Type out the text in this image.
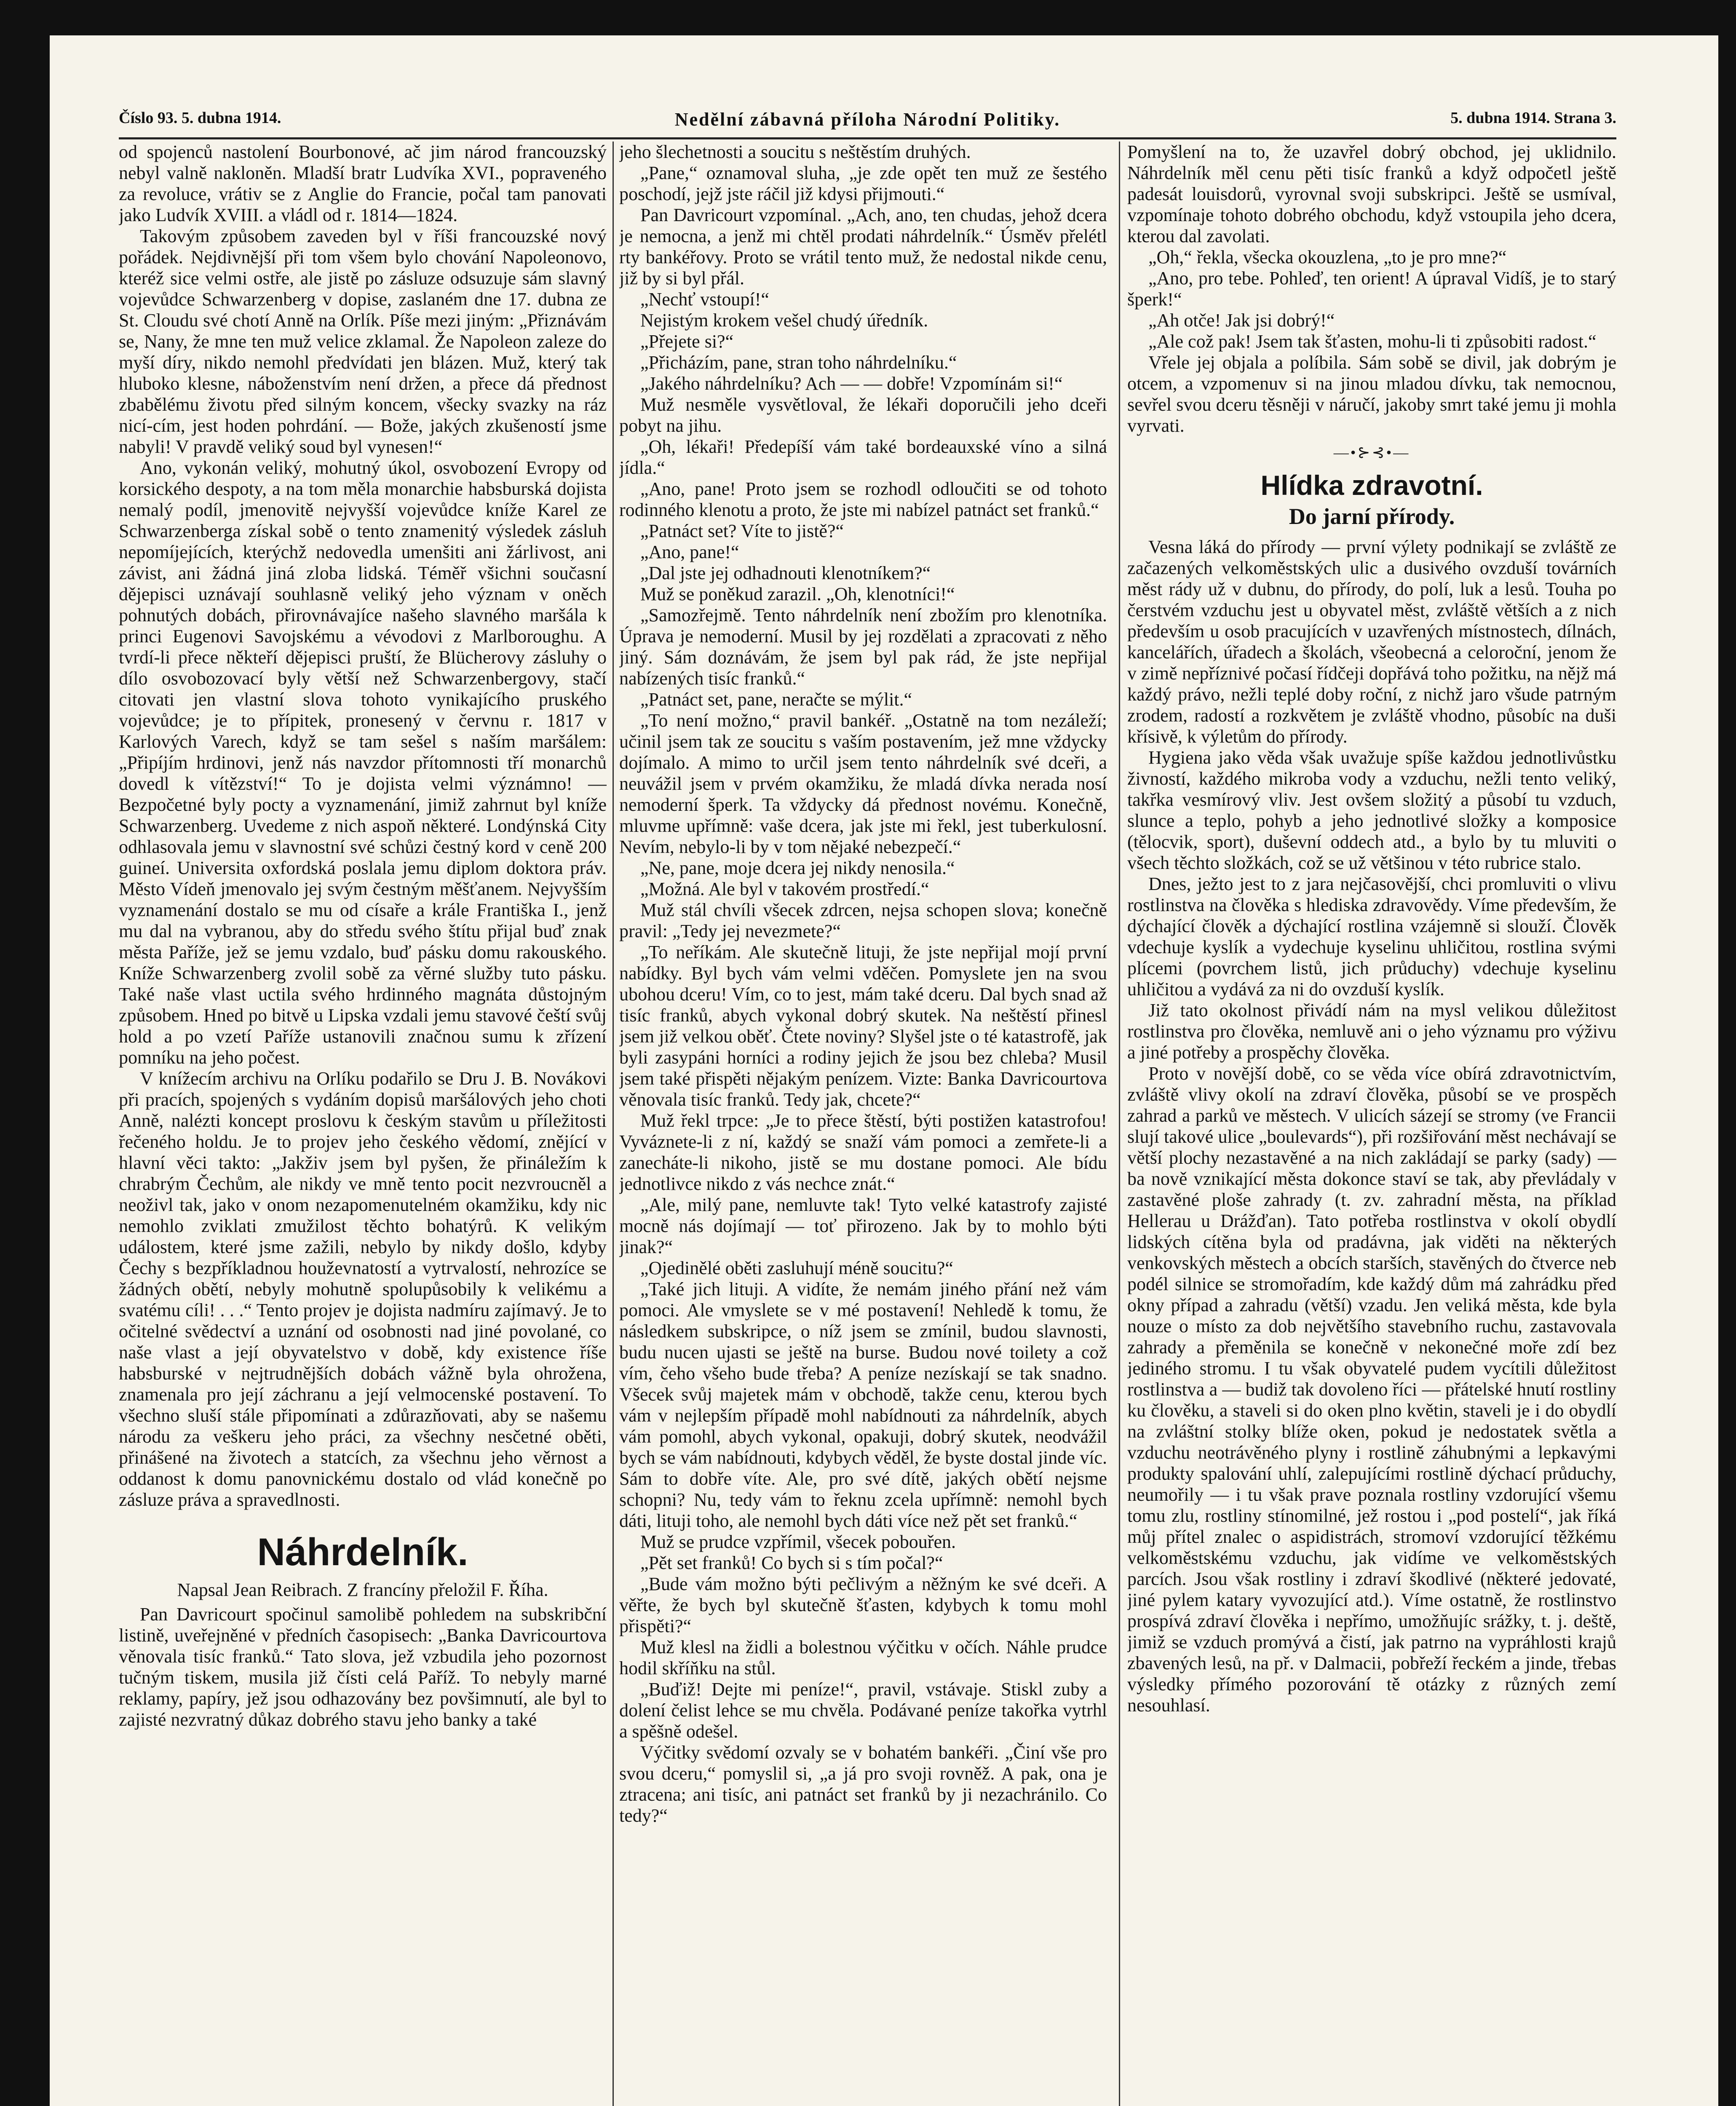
Číslo 93. 5. dubna 1914.	Nedělní zábavná příloha Národní Politiky.	5. dubna 1914. Strana 3.

od spojenců nastolení Bourbonové, ač jim národ francouzský nebyl valně nakloněn. Mladší bratr Ludvíka XVI., popraveného za revoluce, vrátiv se z Anglie do Francie, počal tam panovati jako Ludvík XVIII. a vládl od r. 1814—1824.

Takovým způsobem zaveden byl v říši francouzské nový pořádek. Nejdivnější při tom všem bylo chování Napoleonovo, kteréž sice velmi ostře, ale jistě po zásluze odsuzuje sám slavný vojevůdce Schwarzenberg v dopise, zaslaném dne 17. dubna ze St. Cloudu své chotí Anně na Orlík. Píše mezi jiným: „Přiznávám se, Nany, že mne ten muž velice zklamal. Že Napoleon zaleze do myší díry, nikdo nemohl předvídati jen blázen. Muž, který tak hluboko klesne, náboženstvím není držen, a přece dá přednost zbabělému životu před silným koncem, všecky svazky na ráz nicí-cím, jest hoden pohrdání. — Bože, jakých zkušeností jsme nabyli! V pravdě veliký soud byl vynesen!“

Ano, vykonán veliký, mohutný úkol, osvobození Evropy od korsického despoty, a na tom měla monarchie habsburská dojista nemalý podíl, jmenovitě nejvyšší vojevůdce kníže Karel ze Schwarzenberga získal sobě o tento znamenitý výsledek zásluh nepomíjejících, kterýchž nedovedla umenšiti ani žárlivost, ani závist, ani žádná jiná zloba lidská. Téměř všichni současní dějepisci uznávají souhlasně veliký jeho význam v oněch pohnutých dobách, přirovnávajíce našeho slavného maršála k princi Eugenovi Savojskému a vévodovi z Marlboroughu. A tvrdí-li přece někteří dějepisci pruští, že Blücherovy zásluhy o dílo osvobozovací byly větší než Schwarzenbergovy, stačí citovati jen vlastní slova tohoto vynikajícího pruského vojevůdce; je to přípitek, pronesený v červnu r. 1817 v Karlových Varech, když se tam sešel s naším maršálem: „Připíjím hrdinovi, jenž nás navzdor přítomnosti tří monarchů dovedl k vítězství!“ To je dojista velmi význámno! — Bezpočetné byly pocty a vyznamenání, jimiž zahrnut byl kníže Schwarzenberg. Uvedeme z nich aspoň některé. Londýnská City odhlasovala jemu v slavnostní své schůzi čestný kord v ceně 200 guineí. Universita oxfordská poslala jemu diplom doktora práv. Město Vídeň jmenovalo jej svým čestným měšťanem. Nejvyšším vyznamenání dostalo se mu od císaře a krále Františka I., jenž mu dal na vybranou, aby do středu svého štítu přijal buď znak města Paříže, jež se jemu vzdalo, buď pásku domu rakouského. Kníže Schwarzenberg zvolil sobě za věrné služby tuto pásku. Také naše vlast uctila svého hrdinného magnáta důstojným způsobem. Hned po bitvě u Lipska vzdali jemu stavové čeští svůj hold a po vzetí Paříže ustanovili značnou sumu k zřízení pomníku na jeho počest.

V knížecím archivu na Orlíku podařilo se Dru J. B. Novákovi při pracích, spojených s vydáním dopisů maršálových jeho choti Anně, nalézti koncept proslovu k českým stavům u příležitosti řečeného holdu. Je to projev jeho českého vědomí, znějící v hlavní věci takto: „Jakživ jsem byl pyšen, že přináležím k chrabrým Čechům, ale nikdy ve mně tento pocit nezvroucněl a neoživl tak, jako v onom nezapomenutelném okamžiku, kdy nic nemohlo zviklati zmužilost těchto bohatýrů. K velikým událostem, které jsme zažili, nebylo by nikdy došlo, kdyby Čechy s bezpříkladnou houževnatostí a vytrvalostí, nehrozíce se žádných obětí, nebyly mohutně spolupůsobily k velikému a svatému cíli! . . .“ Tento projev je dojista nadmíru zajímavý. Je to očitelné svědectví a uznání od osobnosti nad jiné povolané, co naše vlast a její obyvatelstvo v době, kdy existence říše habsburské v nejtrudnějších dobách vážně byla ohrožena, znamenala pro její záchranu a její velmocenské postavení. To všechno sluší stále připomínati a zdůrazňovati, aby se našemu národu za veškeru jeho práci, za všechny nesčetné oběti, přinášené na životech a statcích, za všechnu jeho věrnost a oddanost k domu panovnickému dostalo od vlád konečně po zásluze práva a spravedlnosti.

Náhrdelník.
Napsal Jean Reibrach. Z francíny přeložil F. Říha.

Pan Davricourt spočinul samolibě pohledem na subskribční listině, uveřejněné v předních časopisech: „Banka Davricourtova věnovala tisíc franků.“ Tato slova, jež vzbudila jeho pozornost tučným tiskem, musila již čísti celá Paříž. To nebyly marné reklamy, papíry, jež jsou odhazovány bez povšimnutí, ale byl to zajisté nezvratný důkaz dobrého stavu jeho banky a také

jeho šlechetnosti a soucitu s neštěstím druhých.

„Pane,“ oznamoval sluha, „je zde opět ten muž ze šestého poschodí, jejž jste ráčil již kdysi přijmouti.“

Pan Davricourt vzpomínal. „Ach, ano, ten chudas, jehož dcera je nemocna, a jenž mi chtěl prodati náhrdelník.“ Úsměv přelétl rty bankéřovy. Proto se vrátil tento muž, že nedostal nikde cenu, již by si byl přál.

„Nechť vstoupí!“

Nejistým krokem vešel chudý úředník.

„Přejete si?“

„Přicházím, pane, stran toho náhrdelníku.“

„Jakého náhrdelníku? Ach — — dobře! Vzpomínám si!“

Muž nesměle vysvětloval, že lékaři doporučili jeho dceři pobyt na jihu.

„Oh, lékaři! Předepíší vám také bordeauxské víno a silná jídla.“

„Ano, pane! Proto jsem se rozhodl odloučiti se od tohoto rodinného klenotu a proto, že jste mi nabízel patnáct set franků.“

„Patnáct set? Víte to jistě?“

„Ano, pane!“

„Dal jste jej odhadnouti klenotníkem?“

Muž se poněkud zarazil. „Oh, klenotníci!“

„Samozřejmě. Tento náhrdelník není zbožím pro klenotníka. Úprava je nemoderní. Musil by jej rozdělati a zpracovati z něho jiný. Sám doznávám, že jsem byl pak rád, že jste nepřijal nabízených tisíc franků.“

„Patnáct set, pane, neračte se mýlit.“

„To není možno,“ pravil bankéř. „Ostatně na tom nezáleží; učinil jsem tak ze soucitu s vaším postavením, jež mne vždycky dojímalo. A mimo to určil jsem tento náhrdelník své dceři, a neuvážil jsem v prvém okamžiku, že mladá dívka nerada nosí nemoderní šperk. Ta vždycky dá přednost novému. Konečně, mluvme upřímně: vaše dcera, jak jste mi řekl, jest tuberkulosní. Nevím, nebylo-li by v tom nějaké nebezpečí.“

„Ne, pane, moje dcera jej nikdy nenosila.“

„Možná. Ale byl v takovém prostředí.“

Muž stál chvíli všecek zdrcen, nejsa schopen slova; konečně pravil: „Tedy jej nevezmete?“

„To neříkám. Ale skutečně lituji, že jste nepřijal mojí první nabídky. Byl bych vám velmi vděčen. Pomyslete jen na svou ubohou dceru! Vím, co to jest, mám také dceru. Dal bych snad až tisíc franků, abych vykonal dobrý skutek. Na neštěstí přinesl jsem již velkou oběť. Čtete noviny? Slyšel jste o té katastrofě, jak byli zasypáni horníci a rodiny jejich že jsou bez chleba? Musil jsem také přispěti nějakým penízem. Vizte: Banka Davricourtova věnovala tisíc franků. Tedy jak, chcete?“

Muž řekl trpce: „Je to přece štěstí, býti postižen katastrofou! Vyváznete-li z ní, každý se snaží vám pomoci a zemřete-li a zanecháte-li nikoho, jistě se mu dostane pomoci. Ale bídu jednotlivce nikdo z vás nechce znát.“

„Ale, milý pane, nemluvte tak! Tyto velké katastrofy zajisté mocně nás dojímají — toť přirozeno. Jak by to mohlo býti jinak?“

„Ojedinělé oběti zasluhují méně soucitu?“

„Také jich lituji. A vidíte, že nemám jiného přání než vám pomoci. Ale vmyslete se v mé postavení! Nehledě k tomu, že následkem subskripce, o níž jsem se zmínil, budou slavnosti, budu nucen ujasti se ještě na burse. Budou nové toilety a což vím, čeho všeho bude třeba? A peníze nezískají se tak snadno. Všecek svůj majetek mám v obchodě, takže cenu, kterou bych vám v nejlepším případě mohl nabídnouti za náhrdelník, abych vám pomohl, abych vykonal, opakuji, dobrý skutek, neodvážil bych se vám nabídnouti, kdybych věděl, že byste dostal jinde víc. Sám to dobře víte. Ale, pro své dítě, jakých obětí nejsme schopni? Nu, tedy vám to řeknu zcela upřímně: nemohl bych dáti, lituji toho, ale nemohl bych dáti více než pět set franků.“

Muž se prudce vzpřímil, všecek pobouřen.

„Pět set franků! Co bych si s tím počal?“

„Bude vám možno býti pečlivým a něžným ke své dceři. A věřte, že bych byl skutečně šťasten, kdybych k tomu mohl přispěti?“

Muž klesl na židli a bolestnou výčitku v očích. Náhle prudce hodil skříňku na stůl.

„Buďiž! Dejte mi peníze!“, pravil, vstávaje. Stiskl zuby a dolení čelist lehce se mu chvěla. Podávané peníze takořka vytrhl a spěšně odešel.

Výčitky svědomí ozvaly se v bohatém bankéři. „Činí vše pro svou dceru,“ pomyslil si, „a já pro svoji rovněž. A pak, ona je ztracena; ani tisíc, ani patnáct set franků by ji nezachránilo. Co tedy?“

Pomyšlení na to, že uzavřel dobrý obchod, jej uklidnilo. Náhrdelník měl cenu pěti tisíc franků a když odpočetl ještě padesát louisdorů, vyrovnal svoji subskripci. Ještě se usmíval, vzpomínaje tohoto dobrého obchodu, když vstoupila jeho dcera, kterou dal zavolati.

„Oh,“ řekla, všecka okouzlena, „to je pro mne?“

„Ano, pro tebe. Pohleď, ten orient! A úpraval Vidíš, je to starý šperk!“

„Ah otče! Jak jsi dobrý!“

„Ale což pak! Jsem tak šťasten, mohu-li ti způsobiti radost.“

Vřele jej objala a políbila. Sám sobě se divil, jak dobrým je otcem, a vzpomenuv si na jinou mladou dívku, tak nemocnou, sevřel svou dceru těsněji v náručí, jakoby smrt také jemu ji mohla vyrvati.

—•⊱⊰•—
Hlídka zdravotní.
Do jarní přírody.

Vesna láká do přírody — první výlety podnikají se zvláště ze začazených velkoměstských ulic a dusivého ovzduší továrních měst rády už v dubnu, do přírody, do polí, luk a lesů. Touha po čerstvém vzduchu jest u obyvatel měst, zvláště větších a z nich především u osob pracujících v uzavřených místnostech, dílnách, kancelářích, úřadech a školách, všeobecná a celoroční, jenom že v zimě nepříznivé počasí řídčeji dopřává toho požitku, na nějž má každý právo, nežli teplé doby roční, z nichž jaro všude patrným zrodem, radostí a rozkvětem je zvláště vhodno, působíc na duši křísivě, k výletům do přírody.

Hygiena jako věda však uvažuje spíše každou jednotlivůstku živností, každého mikroba vody a vzduchu, nežli tento veliký, takřka vesmírový vliv. Jest ovšem složitý a působí tu vzduch, slunce a teplo, pohyb a jeho jednotlivé složky a komposice (tělocvik, sport), duševní oddech atd., a bylo by tu mluviti o všech těchto složkách, což se už většinou v této rubrice stalo.

Dnes, ježto jest to z jara nejčasovější, chci promluviti o vlivu rostlinstva na člověka s hlediska zdravovědy. Víme především, že dýchající člověk a dýchající rostlina vzájemně si slouží. Člověk vdechuje kyslík a vydechuje kyselinu uhličitou, rostlina svými plícemi (povrchem listů, jich průduchy) vdechuje kyselinu uhličitou a vydává za ni do ovzduší kyslík.

Již tato okolnost přivádí nám na mysl velikou důležitost rostlinstva pro člověka, nemluvě ani o jeho významu pro výživu a jiné potřeby a prospěchy člověka.

Proto v novější době, co se věda více obírá zdravotnictvím, zvláště vlivy okolí na zdraví člověka, působí se ve prospěch zahrad a parků ve městech. V ulicích sázejí se stromy (ve Francii slují takové ulice „boulevards“), při rozšiřování měst nechávají se větší plochy nezastavěné a na nich zakládají se parky (sady) — ba nově vznikající města dokonce staví se tak, aby převládaly v zastavěné ploše zahrady (t. zv. zahradní města, na příklad Hellerau u Drážďan). Tato potřeba rostlinstva v okolí obydlí lidských cítěna byla od pradávna, jak viděti na některých venkovských městech a obcích starších, stavěných do čtverce neb podél silnice se stromořadím, kde každý dům má zahrádku před okny případ a zahradu (větší) vzadu. Jen veliká města, kde byla nouze o místo za dob největšího stavebního ruchu, zastavovala zahrady a přeměnila se konečně v nekonečné moře zdí bez jediného stromu. I tu však obyvatelé pudem vycítili důležitost rostlinstva a — budiž tak dovoleno říci — přátelské hnutí rostliny ku člověku, a staveli si do oken plno květin, staveli je i do obydlí na zvláštní stolky blíže oken, pokud je nedostatek světla a vzduchu neotrávěného plyny i rostlině záhubnými a lepkavými produkty spalování uhlí, zalepujícími rostlině dýchací průduchy, neumořily — i tu však prave poznala rostliny vzdorující všemu tomu zlu, rostliny stínomilné, jež rostou i „pod postelí“, jak říká můj přítel znalec o aspidistrách, stromoví vzdorující těžkému velkoměstskému vzduchu, jak vidíme ve velkoměstských parcích. Jsou však rostliny i zdraví škodlivé (některé jedovaté, jiné pylem katary vyvozující atd.). Víme ostatně, že rostlinstvo prospívá zdraví člověka i nepřímo, umožňujíc srážky, t. j. deště, jimiž se vzduch promývá a čistí, jak patrno na vypráhlosti krajů zbavených lesů, na př. v Dalmacii, pobřeží řeckém a jinde, třebas výsledky přímého pozorování tě otázky z různých zemí nesouhlasí.
